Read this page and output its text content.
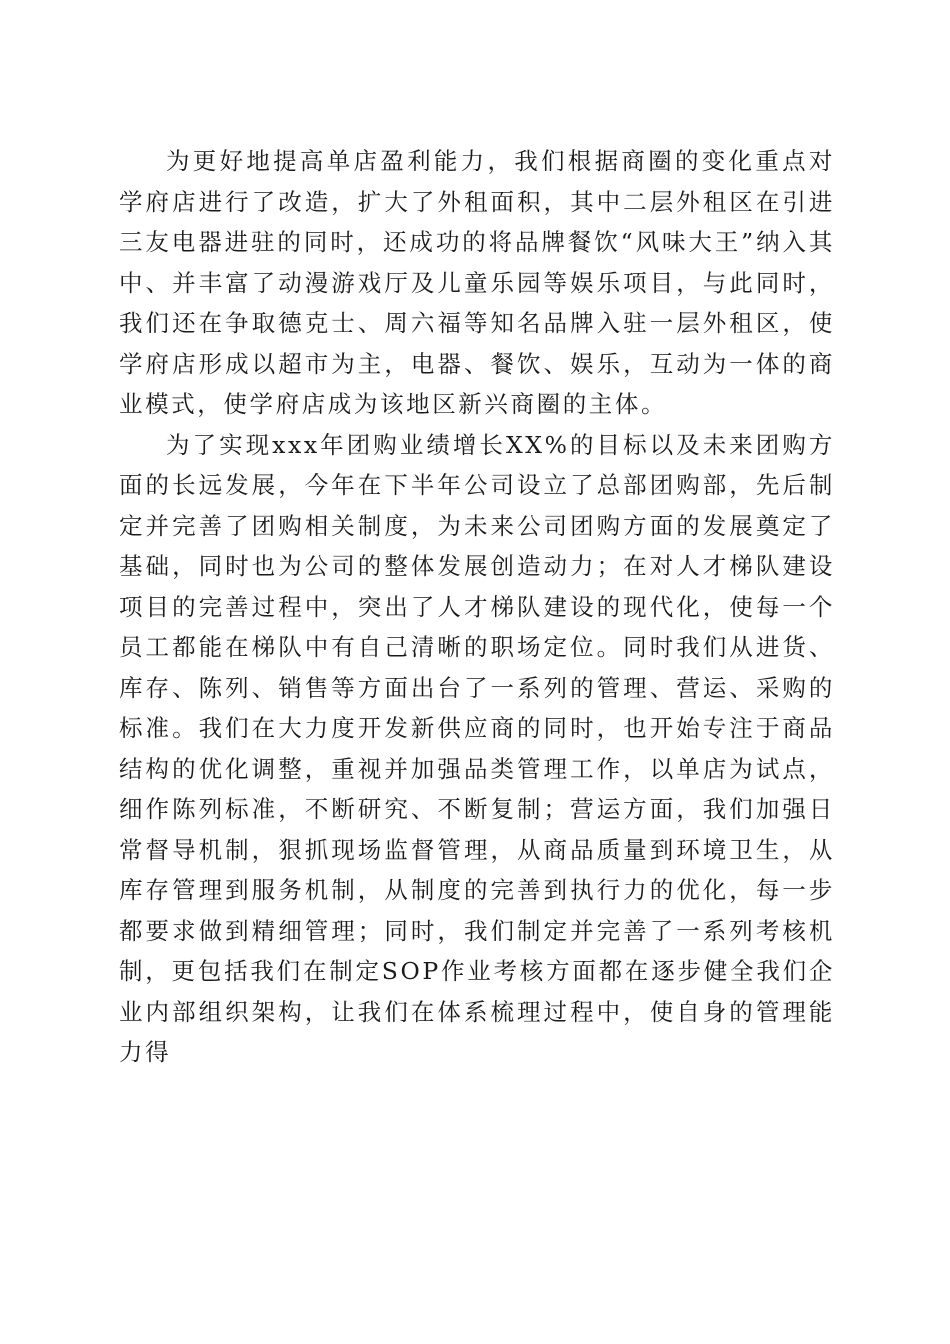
为更好地提高单店盈利能力，我们根据商圈的变化重点对学府店进行了改造，扩大了外租面积，其中二层外租区在引进三友电器进驻的同时，还成功的将品牌餐饮“风味大王”纳入其中、并丰富了动漫游戏厅及儿童乐园等娱乐项目，与此同时，我们还在争取德克士、周六福等知名品牌入驻一层外租区，使学府店形成以超市为主，电器、餐饮、娱乐，互动为一体的商业模式，使学府店成为该地区新兴商圈的主体。

为了实现xxx年团购业绩增长XX%的目标以及未来团购方面的长远发展，今年在下半年公司设立了总部团购部，先后制定并完善了团购相关制度，为未来公司团购方面的发展奠定了基础，同时也为公司的整体发展创造动力；在对人才梯队建设项目的完善过程中，突出了人才梯队建设的现代化，使每一个员工都能在梯队中有自己清晰的职场定位。同时我们从进货、库存、陈列、销售等方面出台了一系列的管理、营运、采购的标准。我们在大力度开发新供应商的同时，也开始专注于商品结构的优化调整，重视并加强品类管理工作，以单店为试点，细作陈列标准，不断研究、不断复制；营运方面，我们加强日常督导机制，狠抓现场监督管理，从商品质量到环境卫生，从库存管理到服务机制，从制度的完善到执行力的优化，每一步都要求做到精细管理；同时，我们制定并完善了一系列考核机制，更包括我们在制定SOP作业考核方面都在逐步健全我们企业内部组织架构，让我们在体系梳理过程中，使自身的管理能力得
